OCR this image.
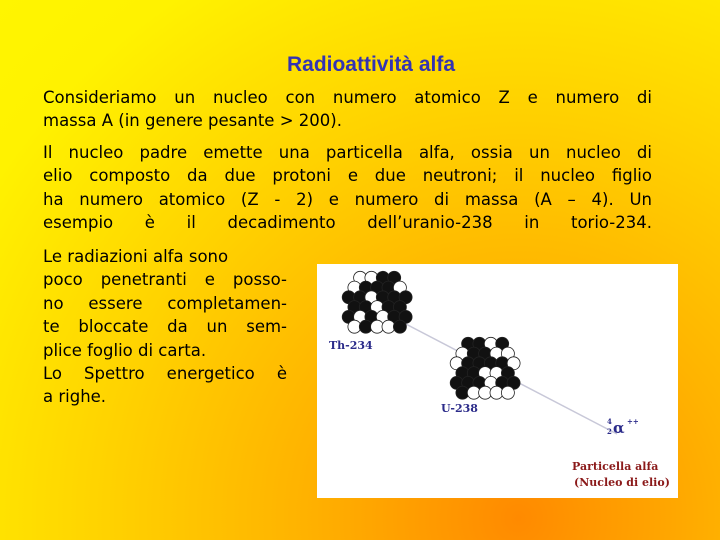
Radioattività alfa
Consideriamo un nucleo con numero atomico Z e numero di
massa A (in genere pesante > 200).
Il nucleo padre emette una particella alfa, ossia un nucleo di
elio composto da due protoni e due neutroni; il nucleo figlio
ha numero atomico (Z - 2) e numero di massa (A – 4). Un
esempio è il decadimento dell’uranio-238 in torio-234.
Le radiazioni alfa sono
poco penetranti e posso-
no essere completamen-
te bloccate da un sem-
plice foglio di carta.
Lo Spettro energetico è
a righe.
Th-234
U-238
4
2 α ++
Particella alfa
(Nucleo di elio)
